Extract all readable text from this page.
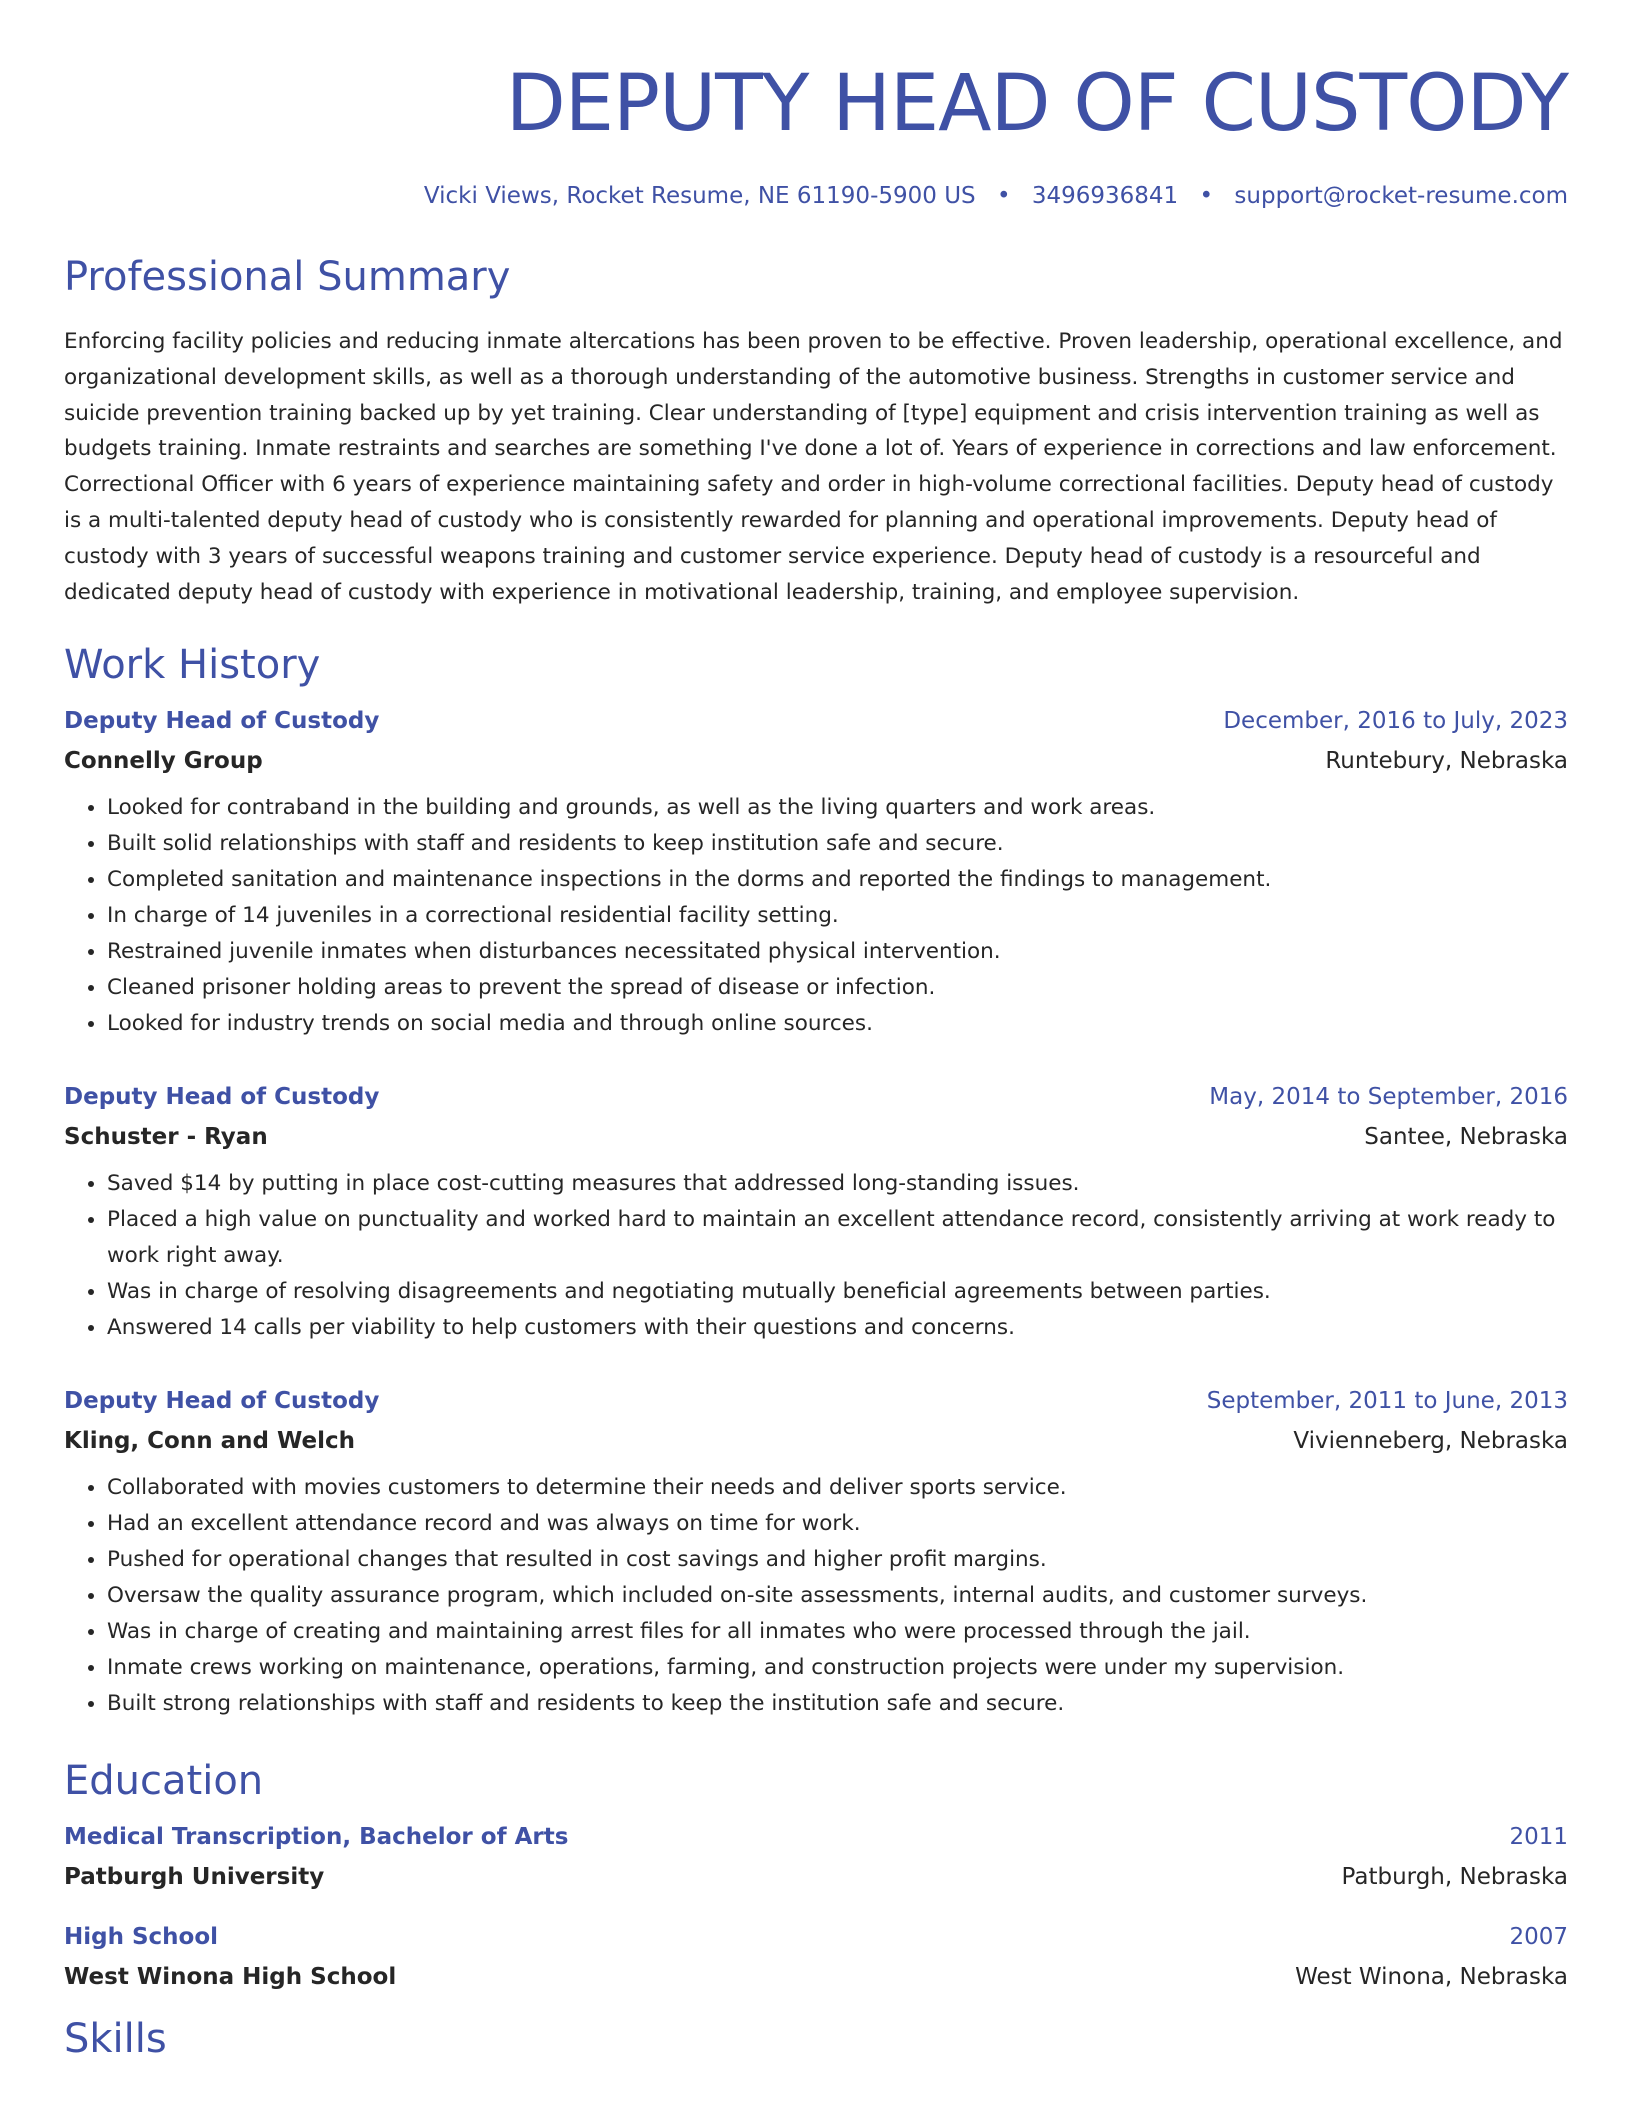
DEPUTY HEAD OF CUSTODY
Vicki Views, Rocket Resume, NE 61190-5900 US • 3496936841 • support@rocket-resume.com
Professional Summary
Enforcing facility policies and reducing inmate altercations has been proven to be effective. Proven leadership, operational excellence, and organizational development skills, as well as a thorough understanding of the automotive business. Strengths in customer service and suicide prevention training backed up by yet training. Clear understanding of [type] equipment and crisis intervention training as well as budgets training. Inmate restraints and searches are something I've done a lot of. Years of experience in corrections and law enforcement. Correctional Officer with 6 years of experience maintaining safety and order in high-volume correctional facilities. Deputy head of custody is a multi-talented deputy head of custody who is consistently rewarded for planning and operational improvements. Deputy head of custody with 3 years of successful weapons training and customer service experience. Deputy head of custody is a resourceful and dedicated deputy head of custody with experience in motivational leadership, training, and employee supervision.
Work History
Deputy Head of Custody	December, 2016 to July, 2023
Connelly Group	Runtebury, Nebraska
• Looked for contraband in the building and grounds, as well as the living quarters and work areas.
• Built solid relationships with staff and residents to keep institution safe and secure.
• Completed sanitation and maintenance inspections in the dorms and reported the findings to management.
• In charge of 14 juveniles in a correctional residential facility setting.
• Restrained juvenile inmates when disturbances necessitated physical intervention.
• Cleaned prisoner holding areas to prevent the spread of disease or infection.
• Looked for industry trends on social media and through online sources.
Deputy Head of Custody	May, 2014 to September, 2016
Schuster - Ryan	Santee, Nebraska
• Saved $14 by putting in place cost-cutting measures that addressed long-standing issues.
• Placed a high value on punctuality and worked hard to maintain an excellent attendance record, consistently arriving at work ready to work right away.
• Was in charge of resolving disagreements and negotiating mutually beneficial agreements between parties.
• Answered 14 calls per viability to help customers with their questions and concerns.
Deputy Head of Custody	September, 2011 to June, 2013
Kling, Conn and Welch	Vivienneberg, Nebraska
• Collaborated with movies customers to determine their needs and deliver sports service.
• Had an excellent attendance record and was always on time for work.
• Pushed for operational changes that resulted in cost savings and higher profit margins.
• Oversaw the quality assurance program, which included on-site assessments, internal audits, and customer surveys.
• Was in charge of creating and maintaining arrest files for all inmates who were processed through the jail.
• Inmate crews working on maintenance, operations, farming, and construction projects were under my supervision.
• Built strong relationships with staff and residents to keep the institution safe and secure.
Education
Medical Transcription, Bachelor of Arts	2011
Patburgh University	Patburgh, Nebraska
High School	2007
West Winona High School	West Winona, Nebraska
Skills
